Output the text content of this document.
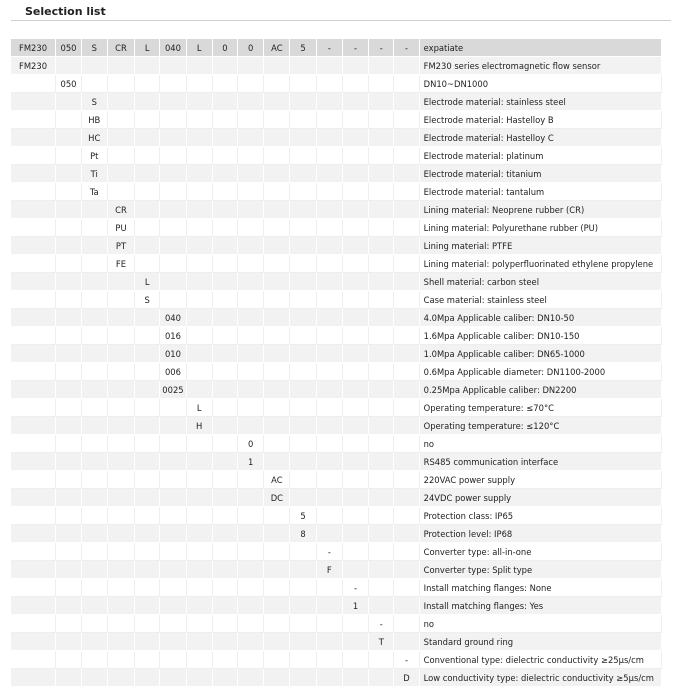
Selection list
FM230	050	S	CR	L	040	L	0	0	AC	5	-	-	-	-	expatiate
FM230															FM230 series electromagnetic flow sensor
	050														DN10~DN1000
		S													Electrode material: stainless steel
		HB													Electrode material: Hastelloy B
		HC													Electrode material: Hastelloy C
		Pt													Electrode material: platinum
		Ti													Electrode material: titanium
		Ta													Electrode material: tantalum
			CR												Lining material: Neoprene rubber (CR)
			PU												Lining material: Polyurethane rubber (PU)
			PT												Lining material: PTFE
			FE												Lining material: polyperfluorinated ethylene propylene
				L											Shell material: carbon steel
				S											Case material: stainless steel
					040										4.0Mpa Applicable caliber: DN10-50
					016										1.6Mpa Applicable caliber: DN10-150
					010										1.0Mpa Applicable caliber: DN65-1000
					006										0.6Mpa Applicable diameter: DN1100-2000
					0025										0.25Mpa Applicable caliber: DN2200
						L									Operating temperature: ≤70°C
						H									Operating temperature: ≤120°C
								0							no
								1							RS485 communication interface
									AC						220VAC power supply
									DC						24VDC power supply
										5					Protection class: IP65
										8					Protection level: IP68
											-				Converter type: all-in-one
											F				Converter type: Split type
												-			Install matching flanges: None
												1			Install matching flanges: Yes
													-		no
													T		Standard ground ring
														-	Conventional type: dielectric conductivity ≥25μs/cm
														D	Low conductivity type: dielectric conductivity ≥5μs/cm
